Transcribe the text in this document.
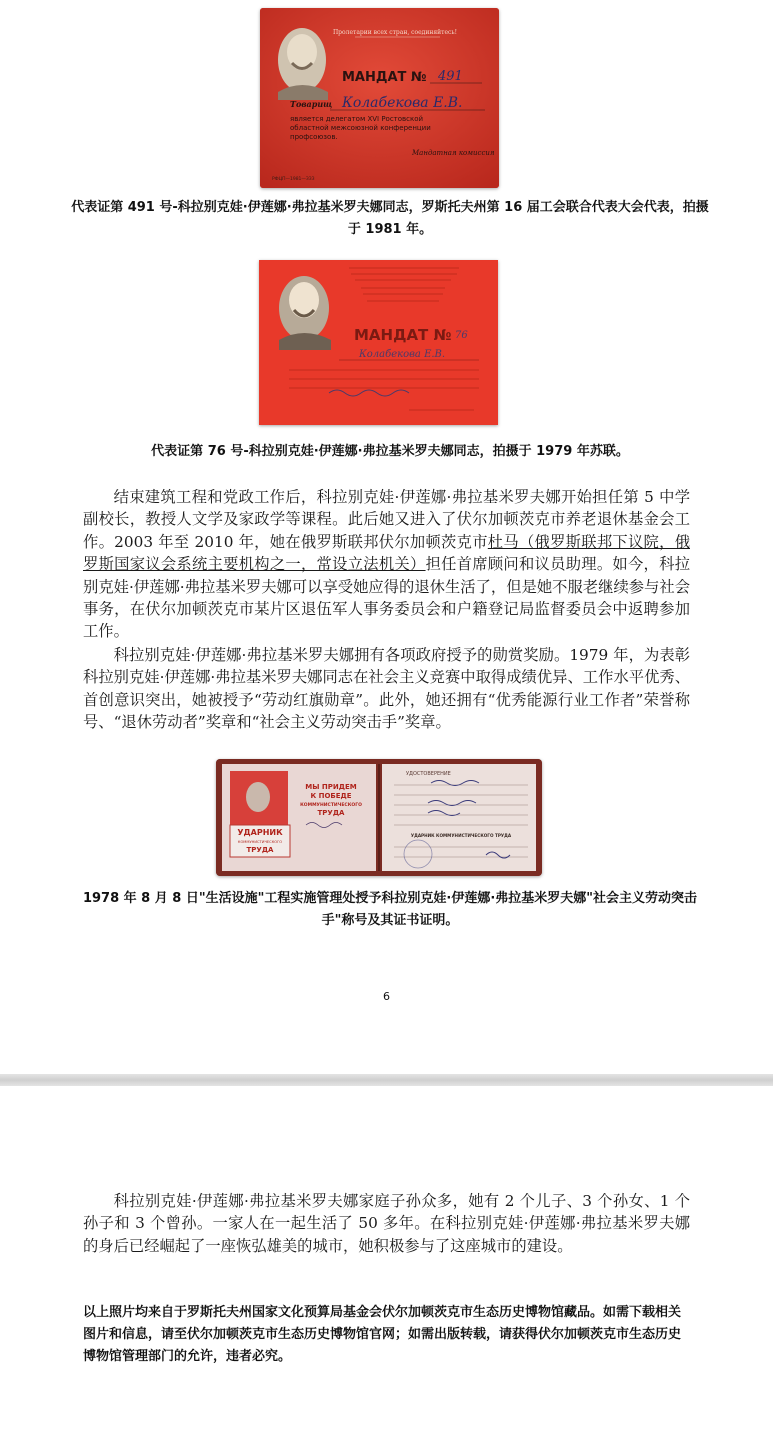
Пролетарии всех стран, соединяйтесь!
МАНДАТ № 491
Товарищ Колабекова Е.В.
является делегатом XVI Ростовской
областной межсоюзной конференции
профсоюзов.
Мандатная комиссия
РФЦП—1981—ЗЗЗ
代表证第 491 号-科拉别克娃·伊莲娜·弗拉基米罗夫娜同志，罗斯托夫州第 16 届工会联合代表大会代表，拍摄于 1981 年。
МАНДАТ № 76
Колабекова Е.В.
代表证第 76 号-科拉别克娃·伊莲娜·弗拉基米罗夫娜同志，拍摄于 1979 年苏联。

结束建筑工程和党政工作后，科拉别克娃·伊莲娜·弗拉基米罗夫娜开始担任第 5 中学副校长，教授人文学及家政学等课程。此后她又进入了伏尔加顿茨克市养老退休基金会工作。2003 年至 2010 年，她在俄罗斯联邦伏尔加顿茨克市杜马（俄罗斯联邦下议院，俄罗斯国家议会系统主要机构之一，常设立法机关）担任首席顾问和议员助理。如今，科拉别克娃·伊莲娜·弗拉基米罗夫娜可以享受她应得的退休生活了，但是她不服老继续参与社会事务，在伏尔加顿茨克市某片区退伍军人事务委员会和户籍登记局监督委员会中返聘参加工作。

科拉别克娃·伊莲娜·弗拉基米罗夫娜拥有各项政府授予的勋赏奖励。1979 年，为表彰科拉别克娃·伊莲娜·弗拉基米罗夫娜同志在社会主义竞赛中取得成绩优异、工作水平优秀、首创意识突出，她被授予“劳动红旗勋章”。此外，她还拥有“优秀能源行业工作者”荣誉称号、“退休劳动者”奖章和“社会主义劳动突击手”奖章。

УДАРНИК
КОММУНИСТИЧЕСКОГО
ТРУДА
МЫ ПРИДЕМ
К ПОБЕДЕ
КОММУНИСТИЧЕСКОГО
ТРУДА
УДОСТОВЕРЕНИЕ
УДАРНИК КОММУНИСТИЧЕСКОГО ТРУДА
1978 年 8 月 8 日"生活设施"工程实施管理处授予科拉别克娃·伊莲娜·弗拉基米罗夫娜"社会主义劳动突击手"称号及其证书证明。
6

科拉别克娃·伊莲娜·弗拉基米罗夫娜家庭子孙众多，她有 2 个儿子、3 个孙女、1 个孙子和 3 个曾孙。一家人在一起生活了 50 多年。在科拉别克娃·伊莲娜·弗拉基米罗夫娜的身后已经崛起了一座恢弘雄美的城市，她积极参与了这座城市的建设。

以上照片均来自于罗斯托夫州国家文化预算局基金会伏尔加顿茨克市生态历史博物馆藏品。如需下载相关图片和信息，请至伏尔加顿茨克市生态历史博物馆官网；如需出版转载，请获得伏尔加顿茨克市生态历史博物馆管理部门的允许，违者必究。
